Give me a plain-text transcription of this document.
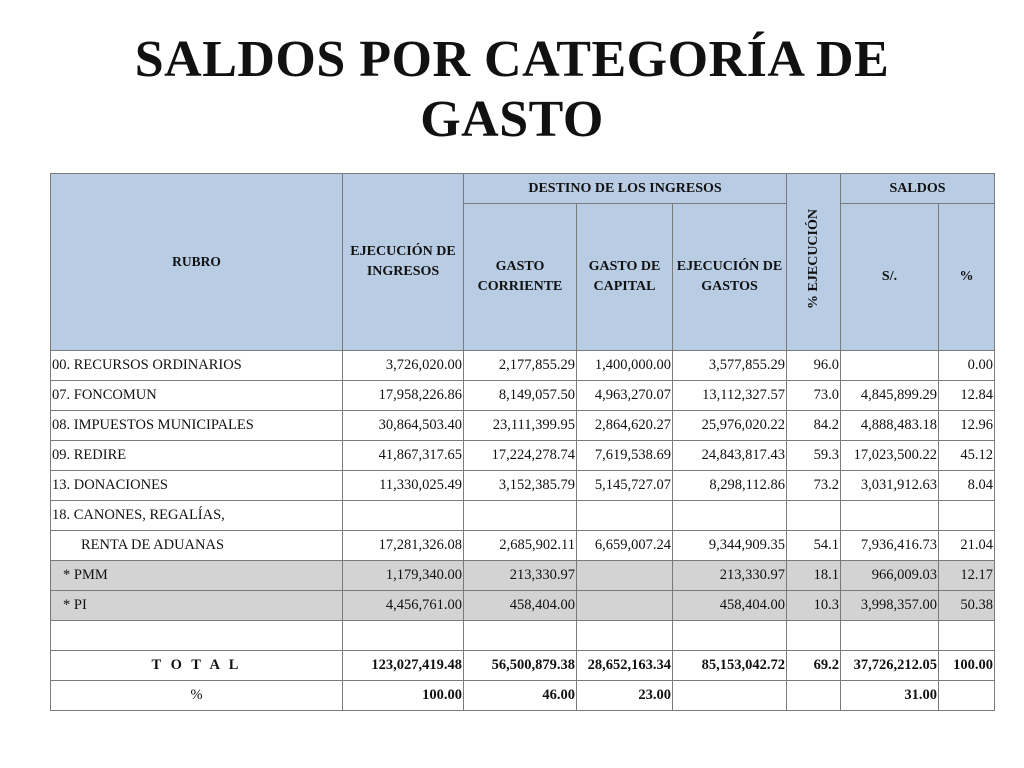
SALDOS POR CATEGORÍA DE
GASTO
RUBRO	EJECUCIÓN DE INGRESOS	DESTINO DE LOS INGRESOS			% EJECUCIÓN	SALDOS	
		GASTO CORRIENTE	GASTO DE CAPITAL	EJECUCIÓN DE GASTOS		S/.	%
00. RECURSOS ORDINARIOS	3,726,020.00	2,177,855.29	1,400,000.00	3,577,855.29	96.0		0.00
07. FONCOMUN	17,958,226.86	8,149,057.50	4,963,270.07	13,112,327.57	73.0	4,845,899.29	12.84
08. IMPUESTOS MUNICIPALES	30,864,503.40	23,111,399.95	2,864,620.27	25,976,020.22	84.2	4,888,483.18	12.96
09. REDIRE	41,867,317.65	17,224,278.74	7,619,538.69	24,843,817.43	59.3	17,023,500.22	45.12
13. DONACIONES	11,330,025.49	3,152,385.79	5,145,727.07	8,298,112.86	73.2	3,031,912.63	8.04
18. CANONES, REGALÍAS,							
RENTA DE ADUANAS	17,281,326.08	2,685,902.11	6,659,007.24	9,344,909.35	54.1	7,936,416.73	21.04
* PMM	1,179,340.00	213,330.97		213,330.97	18.1	966,009.03	12.17
* PI	4,456,761.00	458,404.00		458,404.00	10.3	3,998,357.00	50.38

T O T A L	123,027,419.48	56,500,879.38	28,652,163.34	85,153,042.72	69.2	37,726,212.05	100.00
%	100.00	46.00	23.00			31.00	
